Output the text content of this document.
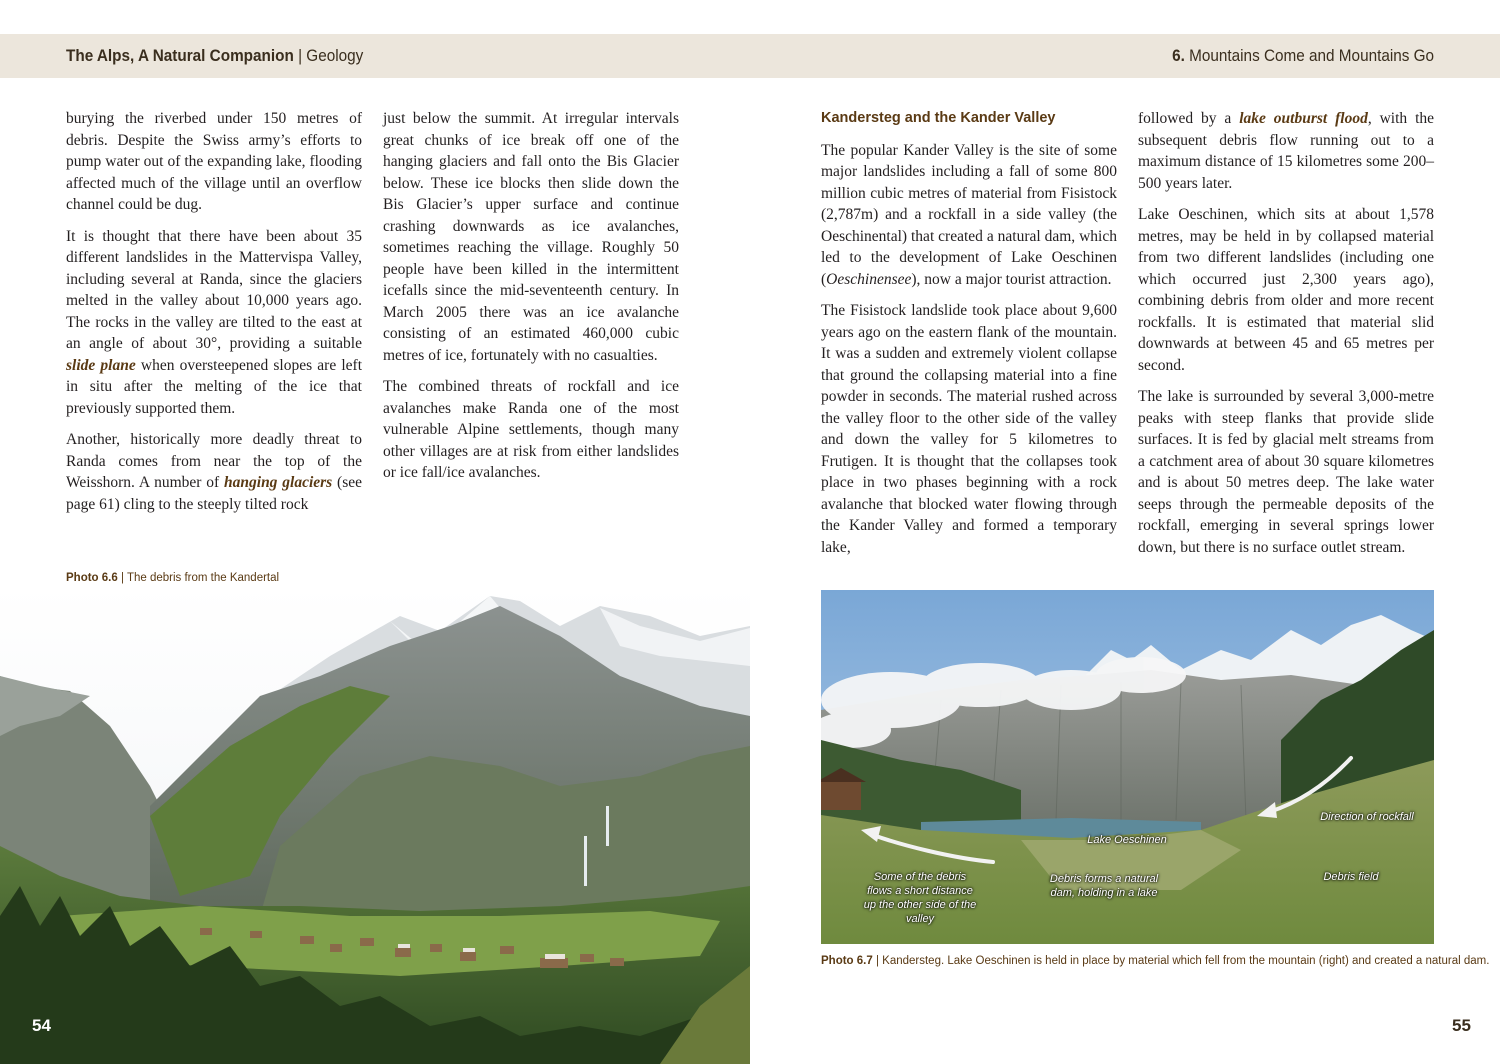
The Alps, A Natural Companion | Geology	6. Mountains Come and Mountains Go

burying the riverbed under 150 metres of debris. Despite the Swiss army’s efforts to pump water out of the expanding lake, flooding affected much of the village until an overflow channel could be dug.

It is thought that there have been about 35 different landslides in the Mattervispa Valley, including several at Randa, since the glaciers melted in the valley about 10,000 years ago. The rocks in the valley are tilted to the east at an angle of about 30°, providing a suitable slide plane when oversteepened slopes are left in situ after the melting of the ice that previously supported them.

Another, historically more deadly threat to Randa comes from near the top of the Weisshorn. A number of hanging glaciers (see page 61) cling to the steeply tilted rock

just below the summit. At irregular intervals great chunks of ice break off one of the hanging glaciers and fall onto the Bis Glacier below. These ice blocks then slide down the Bis Glacier’s upper surface and continue crashing downwards as ice avalanches, sometimes reaching the village. Roughly 50 people have been killed in the intermittent icefalls since the mid-seventeenth century. In March 2005 there was an ice avalanche consisting of an estimated 460,000 cubic metres of ice, fortunately with no casualties.

The combined threats of rockfall and ice avalanches make Randa one of the most vulnerable Alpine settlements, though many other villages are at risk from either landslides or ice fall/ice avalanches.

Photo 6.6 | The debris from the Kandertal
54

Kandersteg and the Kander Valley

The popular Kander Valley is the site of some major landslides including a fall of some 800 million cubic metres of material from Fisistock (2,787m) and a rockfall in a side valley (the Oeschinental) that created a natural dam, which led to the development of Lake Oeschinen (Oeschinensee), now a major tourist attraction.

The Fisistock landslide took place about 9,600 years ago on the eastern flank of the mountain. It was a sudden and extremely violent collapse that ground the collapsing material into a fine powder in seconds. The material rushed across the valley floor to the other side of the valley and down the valley for 5 kilometres to Frutigen. It is thought that the collapses took place in two phases beginning with a rock avalanche that blocked water flowing through the Kander Valley and formed a temporary lake,

followed by a lake outburst flood, with the subsequent debris flow running out to a maximum distance of 15 kilometres some 200–500 years later.

Lake Oeschinen, which sits at about 1,578 metres, may be held in by collapsed material from two different landslides (including one which occurred just 2,300 years ago), combining debris from older and more recent rockfalls. It is estimated that material slid downwards at between 45 and 65 metres per second.

The lake is surrounded by several 3,000-metre peaks with steep flanks that provide slide surfaces. It is fed by glacial melt streams from a catchment area of about 30 square kilometres and is about 50 metres deep. The lake water seeps through the permeable deposits of the rockfall, emerging in several springs lower down, but there is no surface outlet stream.

Lake Oeschinen
Direction of rockfall
Debris field
Some of the debris flows a short distance up the other side of the valley
Debris forms a natural dam, holding in a lake
Photo 6.7 | Kandersteg. Lake Oeschinen is held in place by material which fell from the mountain (right) and created a natural dam.
55
